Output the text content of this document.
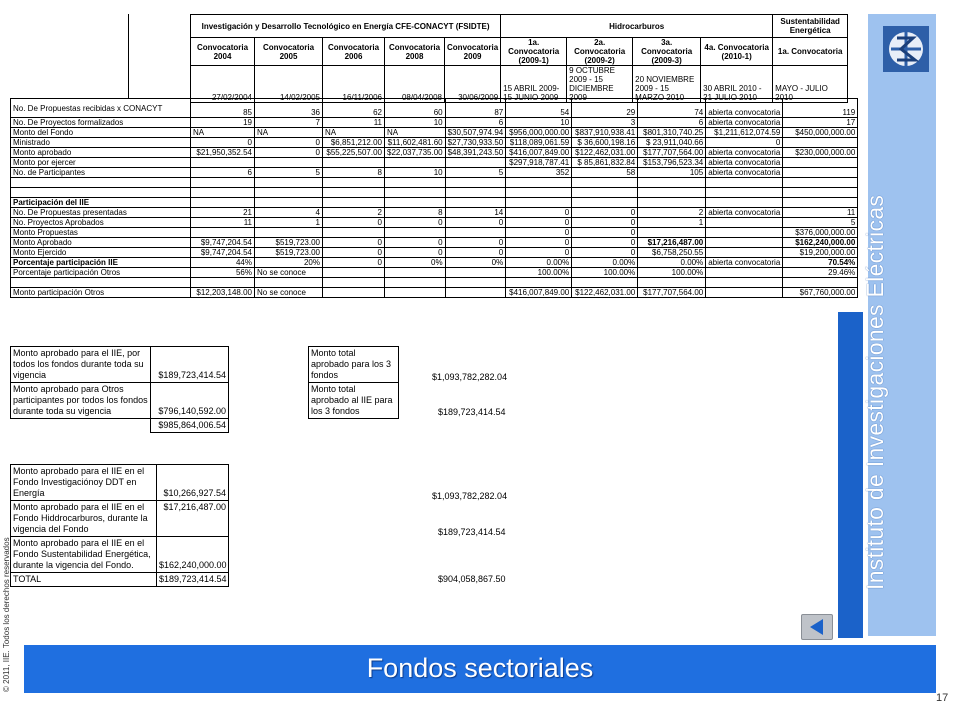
© 2011, IIE. Todos los derechos reservados
Investigación y Desarrollo Tecnológico en Energía CFE-CONACYT (FSIDTE)					Hidrocarburos				Sustentabilidad Energética
Convocatoria 2004	Convocatoria 2005	Convocatoria 2006	Convocatoria 2008	Convocatoria 2009	1a. Convocatoria (2009-1)	2a. Convocatoria (2009-2)	3a. Convocatoria (2009-3)	4a. Convocatoria (2010-1)	1a. Convocatoria
27/02/2004	14/02/2005	16/11/2006	08/04/2008	30/06/2009	15 ABRIL 2009-15 JUNIO 2009	9 OCTUBRE 2009 - 15 DICIEMBRE 2009	20 NOVIEMBRE 2009 - 15 MARZO 2010	30 ABRIL 2010 - 21 JULIO 2010	MAYO - JULIO 2010
No. De Propuestas recibidas x CONACYT	85	36	62	60	87	54	29	74	abierta convocatoria	119
No. De Proyectos formalizados	19	7	11	10	6	10	3	6	abierta convocatoria	17
Monto del Fondo	NA	NA	NA	NA	$30,507,974.94	$956,000,000.00	$837,910,938.41	$801,310,740.25	$1,211,612,074.59	$450,000,000.00
Ministrado	0	0	$6,851,212.00	$11,602,481.60	$27,730,933.50	$118,089,061.59	$ 36,600,198.16	$ 23,911,040.66	0	
Monto aprobado	$21,950,352.54	0	$55,225,507.00	$22,037,735.00	$48,391,243.50	$416,007,849.00	$122,462,031.00	$177,707,564.00	abierta convocatoria	$230,000,000.00
Monto por ejercer						$297,918,787.41	$ 85,861,832.84	$153,796,523.34	abierta convocatoria	
No. de Participantes	6	5	8	10	5	352	58	105	abierta convocatoria	

Participación del IIE										
No. De Propuestas presentadas	21	4	2	8	14	0	0	2	abierta convocatoria	11
No. Proyectos Aprobados	11	1	0	0	0	0	0	1		5
Monto Propuestas						0	0			$376,000,000.00
Monto Aprobado	$9,747,204.54	$519,723.00	0	0	0	0	0	$17,216,487.00		$162,240,000.00
Monto Ejercido	$9,747,204.54	$519,723.00	0	0	0	0	0	$6,758,250.55		$19,200,000.00
Porcentaje participación IIE	44%	20%	0	0%	0%	0.00%	0.00%	0.00%	abierta convocatoria	70.54%
Porcentaje participación Otros	56%	No se conoce				100.00%	100.00%	100.00%		29.46%

Monto participación Otros	$12,203,148.00	No se conoce				$416,007,849.00	$122,462,031.00	$177,707,564.00		$67,760,000.00
Monto aprobado para el IIE, por todos los fondos durante toda su vigencia	$189,723,414.54
Monto aprobado para Otros participantes por todos los fondos durante toda su vigencia	$796,140,592.00
	$985,864,006.54
Monto total aprobado para los 3 fondos
Monto total aprobado al IIE para los 3 fondos
$1,093,782,282.04
$189,723,414.54
Monto aprobado para el IIE en el Fondo Investigaciónoy DDT en Energía	$10,266,927.54
Monto aprobado para el IIE en el Fondo Hiddrocarburos, durante la vigencia del Fondo	$17,216,487.00
Monto aprobado para el IIE en el Fondo Sustentabilidad Energética, durante la vigencia del Fondo.	$162,240,000.00
TOTAL	$189,723,414.54
$1,093,782,282.04
$189,723,414.54
$904,058,867.50	Instituto de Investigaciones Eléctricas
Fondos sectoriales
17
